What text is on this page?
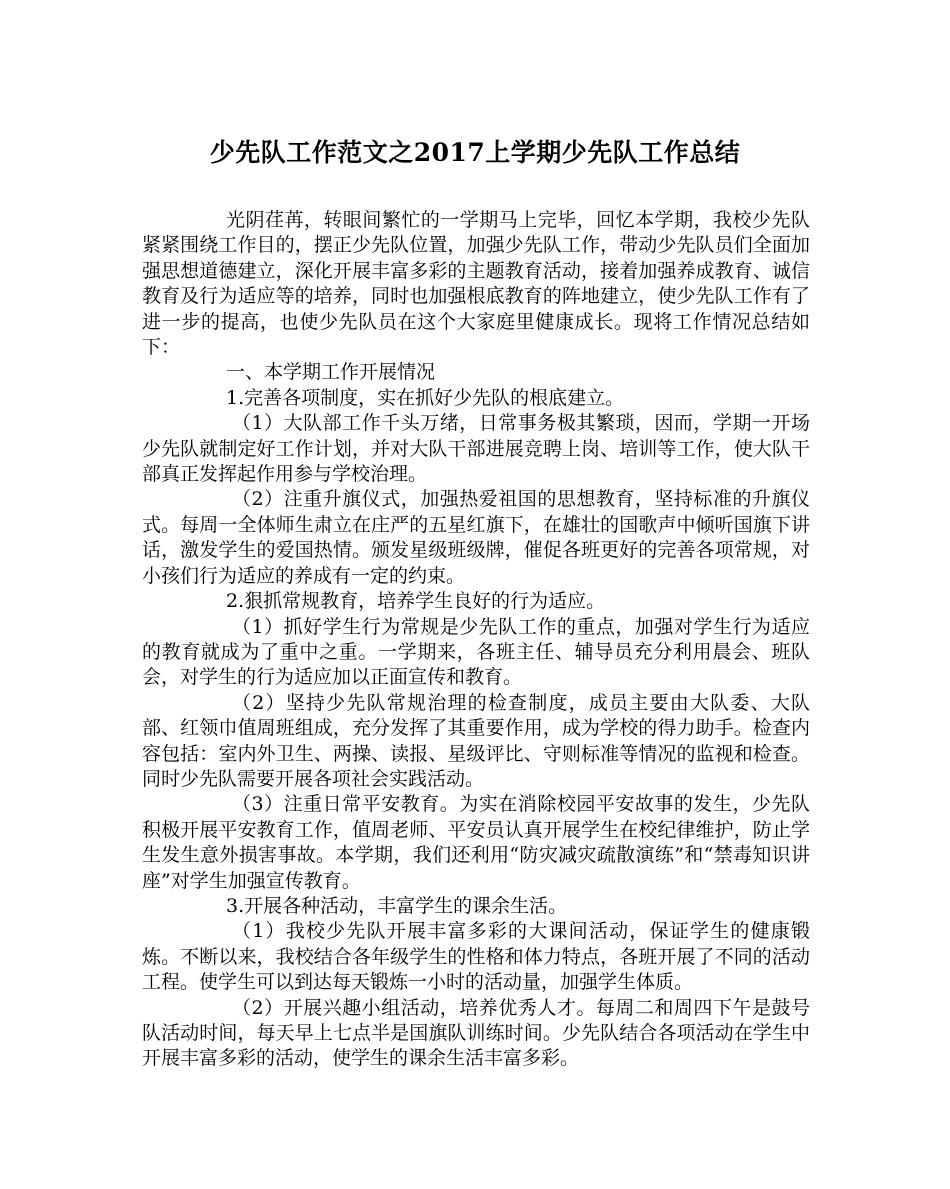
少先队工作范文之2017上学期少先队工作总结

光阴荏苒，转眼间繁忙的一学期马上完毕，回忆本学期，我校少先队紧紧围绕工作目的，摆正少先队位置，加强少先队工作，带动少先队员们全面加强思想道德建立，深化开展丰富多彩的主题教育活动，接着加强养成教育、诚信教育及行为适应等的培养，同时也加强根底教育的阵地建立，使少先队工作有了进一步的提高，也使少先队员在这个大家庭里健康成长。现将工作情况总结如下：

一、本学期工作开展情况

1.完善各项制度，实在抓好少先队的根底建立。

（1）大队部工作千头万绪，日常事务极其繁琐，因而，学期一开场少先队就制定好工作计划，并对大队干部进展竞聘上岗、培训等工作，使大队干部真正发挥起作用参与学校治理。

（2）注重升旗仪式，加强热爱祖国的思想教育，坚持标准的升旗仪式。每周一全体师生肃立在庄严的五星红旗下，在雄壮的国歌声中倾听国旗下讲话，激发学生的爱国热情。颁发星级班级牌，催促各班更好的完善各项常规，对小孩们行为适应的养成有一定的约束。

2.狠抓常规教育，培养学生良好的行为适应。

（1）抓好学生行为常规是少先队工作的重点，加强对学生行为适应的教育就成为了重中之重。一学期来，各班主任、辅导员充分利用晨会、班队会，对学生的行为适应加以正面宣传和教育。

（2）坚持少先队常规治理的检查制度，成员主要由大队委、大队部、红领巾值周班组成，充分发挥了其重要作用，成为学校的得力助手。检查内容包括：室内外卫生、两操、读报、星级评比、守则标准等情况的监视和检查。同时少先队需要开展各项社会实践活动。

（3）注重日常平安教育。为实在消除校园平安故事的发生，少先队积极开展平安教育工作，值周老师、平安员认真开展学生在校纪律维护，防止学生发生意外损害事故。本学期，我们还利用“防灾减灾疏散演练”和“禁毒知识讲座”对学生加强宣传教育。

3.开展各种活动，丰富学生的课余生活。

（1）我校少先队开展丰富多彩的大课间活动，保证学生的健康锻炼。不断以来，我校结合各年级学生的性格和体力特点，各班开展了不同的活动工程。使学生可以到达每天锻炼一小时的活动量，加强学生体质。

（2）开展兴趣小组活动，培养优秀人才。每周二和周四下午是鼓号队活动时间，每天早上七点半是国旗队训练时间。少先队结合各项活动在学生中开展丰富多彩的活动，使学生的课余生活丰富多彩。
